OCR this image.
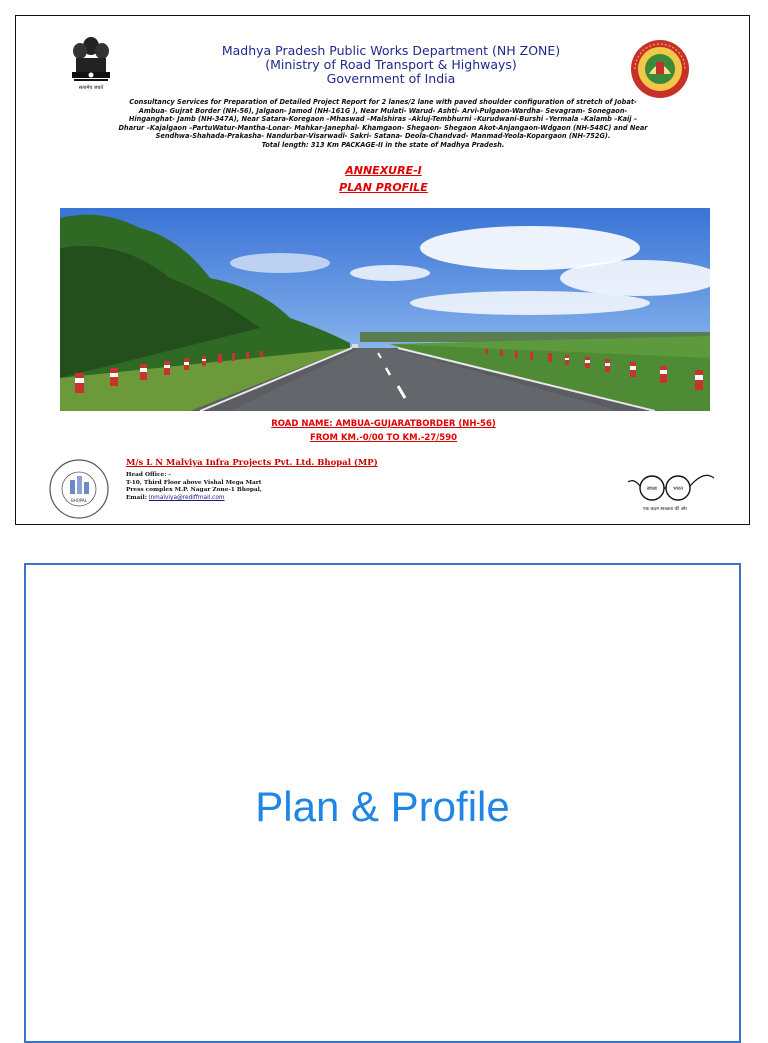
सत्यमेव जयते
Madhya Pradesh Public Works Department (NH ZONE)
(Ministry of Road Transport & Highways)
Government of India
Consultancy Services for Preparation of Detailed Project Report for 2 lanes/2 lane with paved shoulder configuration of stretch of Jobat-
Ambua- Gujrat Border (NH-56), Jalgaon- Jamod (NH-161G ), Near Mulati- Warud- Ashti- Arvi-Pulgaon-Wardha- Sevagram- Sonegaon-
Hinganghat- Jamb (NH-347A), Near Satara-Koregaon –Mhaswad –Malshiras –Akluj-Tembhurni –Kurudwani-Burshi –Yermala –Kalamb –Kaij –
Dharur –Kajalgaon –PartuWatur-Mantha-Lonar- Mahkar-Janephal- Khamgaon- Shegaon- Shegaon Akot-Anjangaon-Wdgaon (NH-548C) and Near
Sendhwa-Shahada-Prakasha- Nandurbar-Visarwadi- Sakri- Satana- Deola-Chandvad- Manmad-Yeola-Kopargaon (NH-752G).
Total length: 313 Km PACKAGE-II in the state of Madhya Pradesh.
ANNEXURE-I
PLAN PROFILE
ROAD NAME: AMBUA-GUJARATBORDER (NH-56)
FROM KM.-0/00 TO KM.-27/590
BHOPAL
M/s L N Malviya Infra Projects Pvt. Ltd. Bhopal (MP)
Head Office: -
T-10, Third Floor above Vishal Mega Mart
Press complex M.P. Nagar Zone-1 Bhopal,
Email: lnmalviya@rediffmail.com
स्वच्छ	भारत
एक कदम स्वच्छता की ओर
Plan & Profile
